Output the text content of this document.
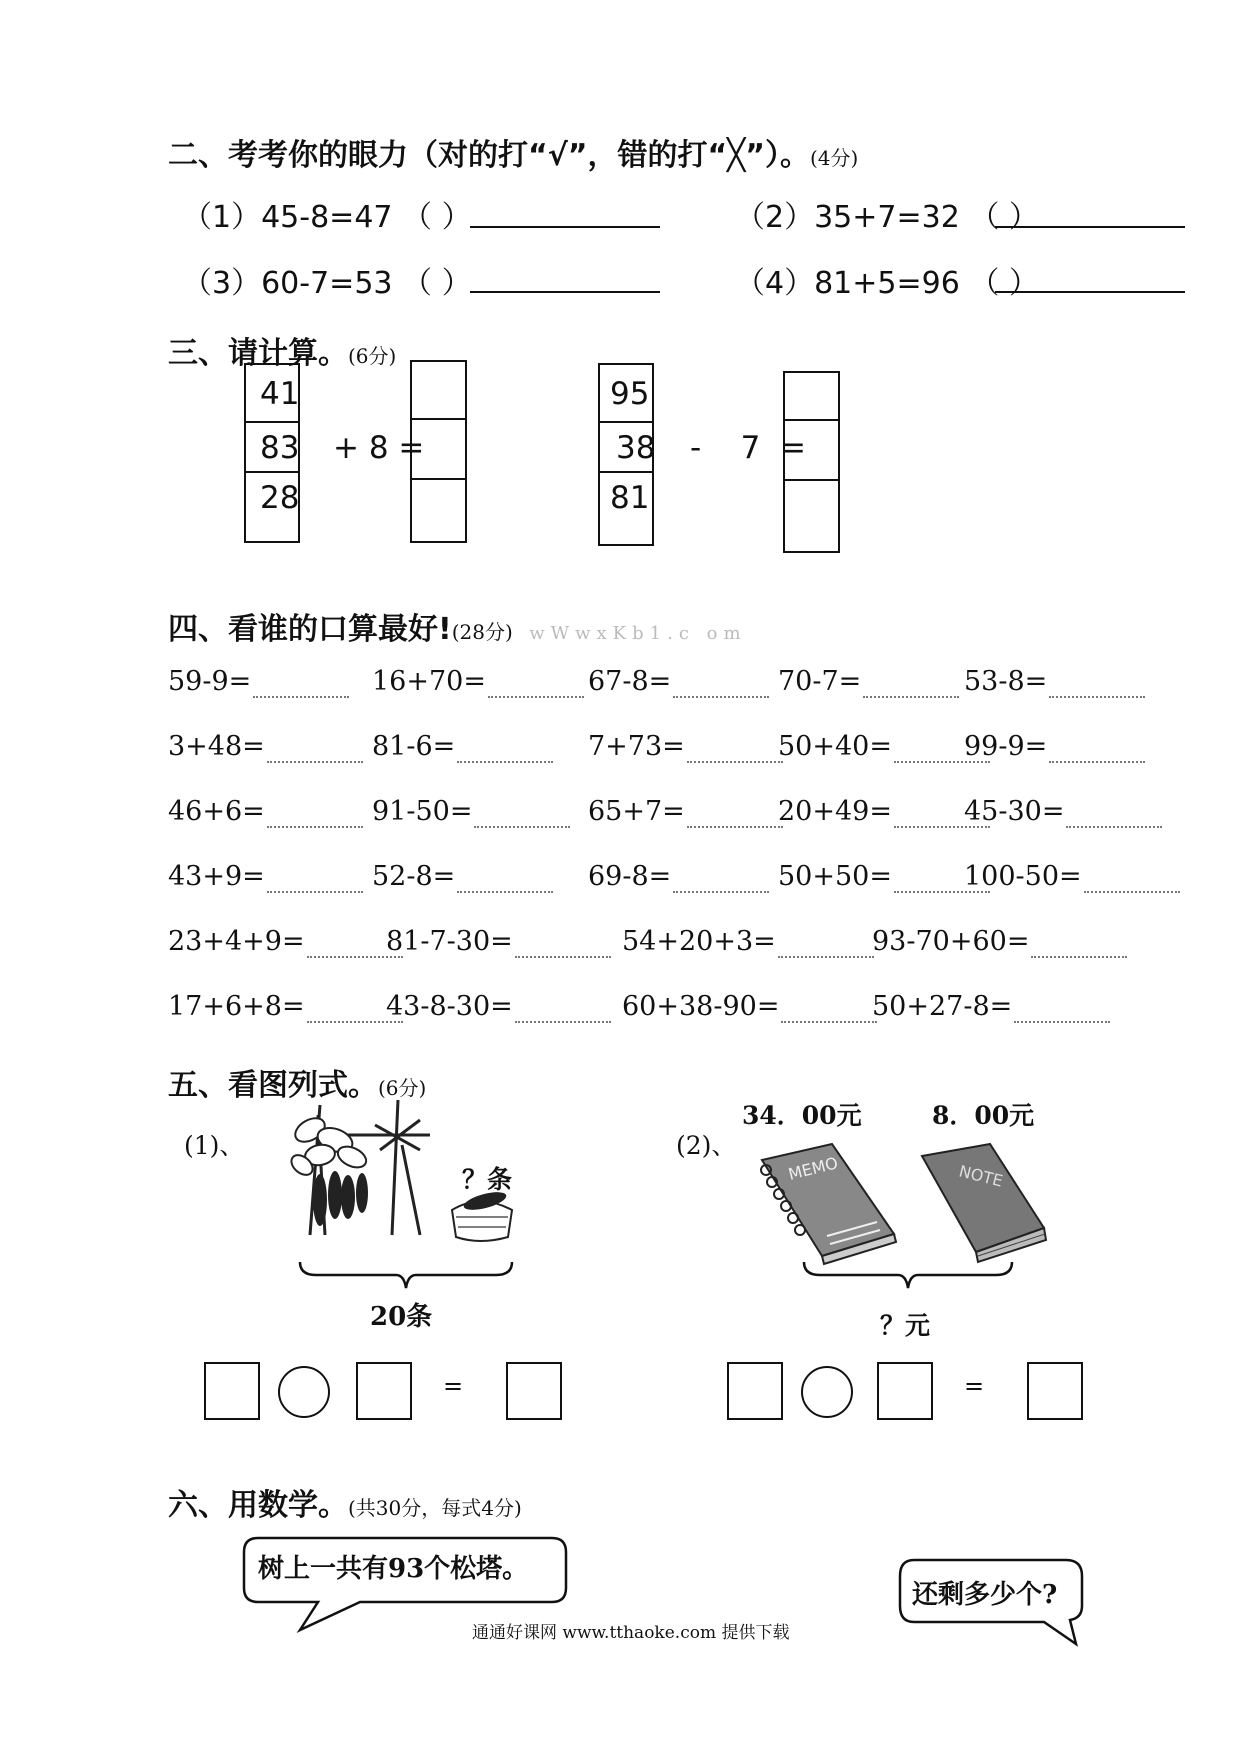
二、考考你的眼力（对的打“√”，错的打“╳”）。(4分)
（1）45-8=47 （ ）	（2）35+7=32 （ ）
（3）60-7=53 （ ）	（4）81+5=96 （ ）
三、请计算。(6分)
41
83
28
+ 8 =
95
38
81
-    7  =
四、看谁的口算最好!(28分) wWwxKb1.c om
59-9=	16+70=	67-8=	70-7=	53-8=
3+48=	81-6=	7+73=	50+40=	99-9=
46+6=	91-50=	65+7=	20+49=	45-30=
43+9=	52-8=	69-8=	50+50=	100-50=
23+4+9=	81-7-30=	54+20+3=	93-70+60=
17+6+8=	43-8-30=	60+38-90=	50+27-8=
五、看图列式。(6分)
(1)、
？条
20条
=
(2)、
34．00元	8．00元
MEMO	NOTE
？元
=
六、用数学。(共30分，每式4分)
树上一共有93个松塔。
还剩多少个?
通通好课网 www.tthaoke.com 提供下载
